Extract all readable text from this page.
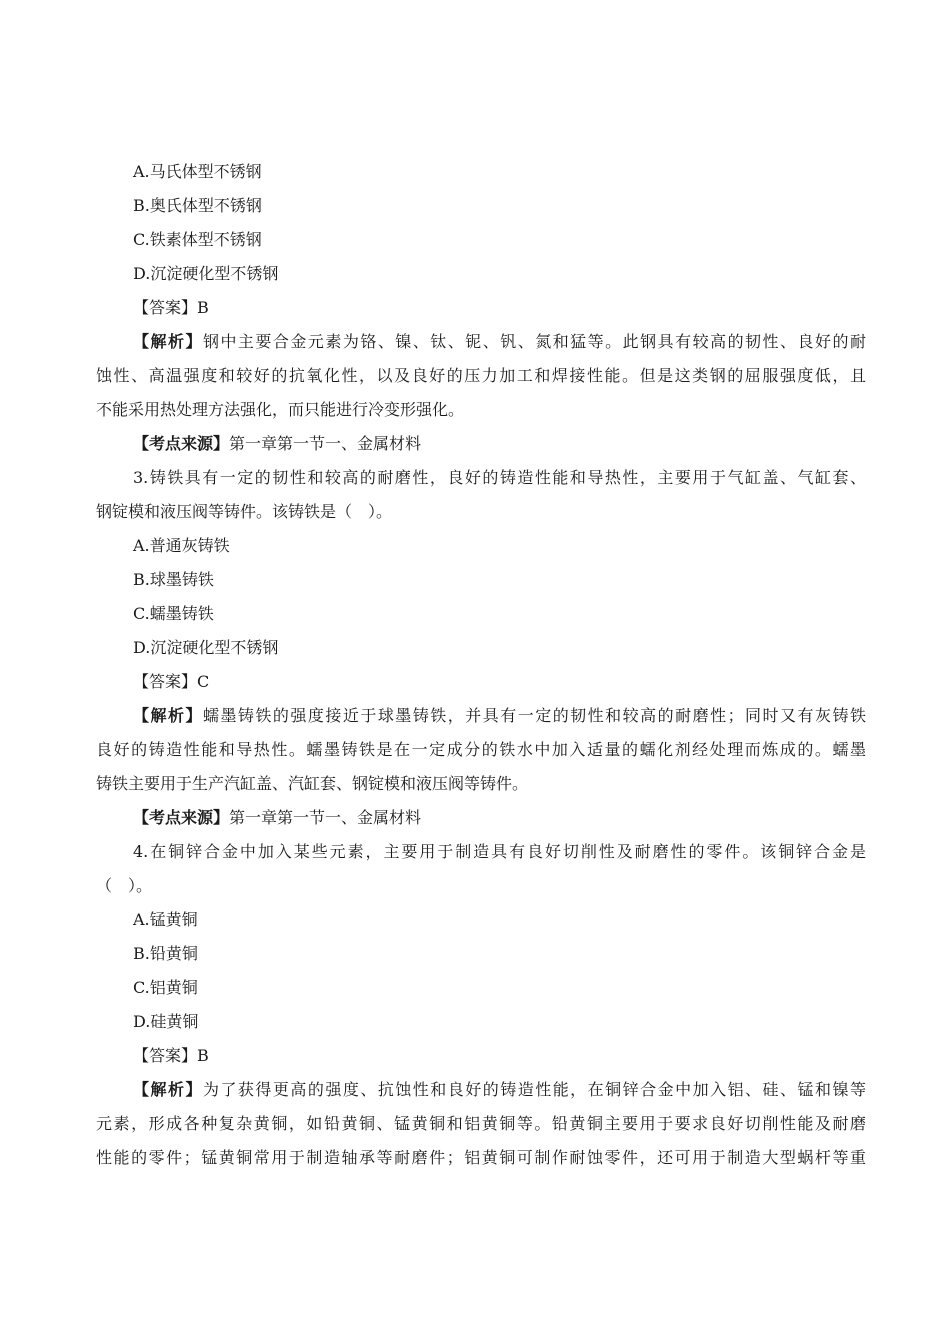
A.马氏体型不锈钢
B.奥氏体型不锈钢
C.铁素体型不锈钢
D.沉淀硬化型不锈钢
【答案】B
【解析】钢中主要合金元素为铬、镍、钛、铌、钒、氮和猛等。此钢具有较高的韧性、良好的耐
蚀性、高温强度和较好的抗氧化性，以及良好的压力加工和焊接性能。但是这类钢的屈服强度低，且
不能采用热处理方法强化，而只能进行冷变形强化。
【考点来源】第一章第一节一、金属材料
3.铸铁具有一定的韧性和较高的耐磨性，良好的铸造性能和导热性，主要用于气缸盖、气缸套、
钢锭模和液压阀等铸件。该铸铁是（　）。
A.普通灰铸铁
B.球墨铸铁
C.蠕墨铸铁
D.沉淀硬化型不锈钢
【答案】C
【解析】蠕墨铸铁的强度接近于球墨铸铁，并具有一定的韧性和较高的耐磨性；同时又有灰铸铁
良好的铸造性能和导热性。蠕墨铸铁是在一定成分的铁水中加入适量的蠕化剂经处理而炼成的。蠕墨
铸铁主要用于生产汽缸盖、汽缸套、钢锭模和液压阀等铸件。
【考点来源】第一章第一节一、金属材料
4.在铜锌合金中加入某些元素，主要用于制造具有良好切削性及耐磨性的零件。该铜锌合金是
（　）。
A.锰黄铜
B.铅黄铜
C.铝黄铜
D.硅黄铜
【答案】B
【解析】为了获得更高的强度、抗蚀性和良好的铸造性能，在铜锌合金中加入铝、硅、锰和镍等
元素，形成各种复杂黄铜，如铅黄铜、锰黄铜和铝黄铜等。铅黄铜主要用于要求良好切削性能及耐磨
性能的零件；锰黄铜常用于制造轴承等耐磨件；铝黄铜可制作耐蚀零件，还可用于制造大型蜗杆等重
